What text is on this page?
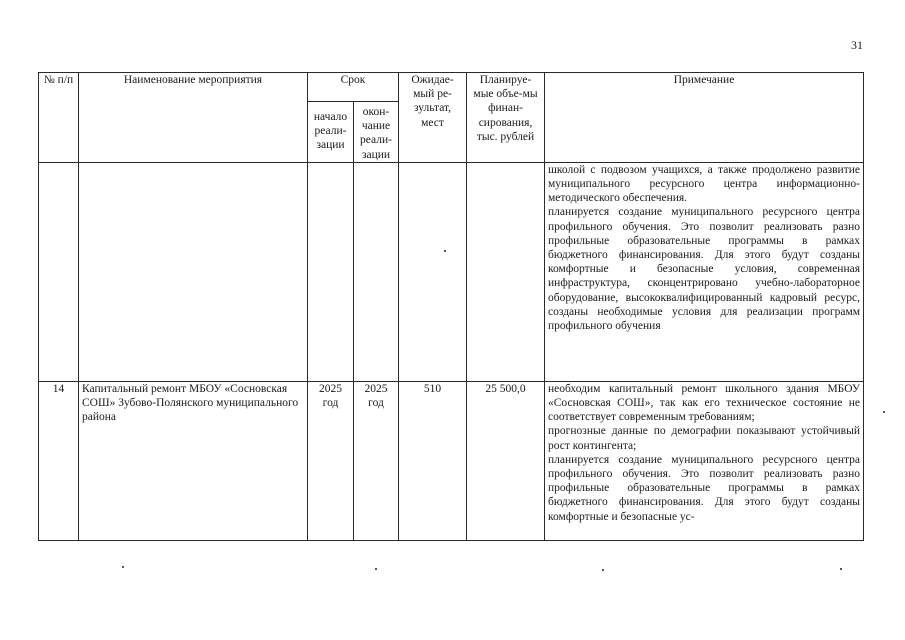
31
№ п/п	Наименование мероприятия	Срок		Ожидае-мый ре-зультат, мест	Планируе-мые объе-мы финан-сирования, тыс. рублей	Примечание
		начало реали-зации	окон-чание реали-зации			

						школой с подвозом учащихся, а также продолжено развитие муниципального ресурсного центра информационно-методического обеспечения.
планируется создание муниципального ресурсного центра профильного обучения. Это позволит реализовать разно профильные образовательные программы в рамках бюджетного финансирования. Для этого будут созданы комфортные и безопасные условия, современная инфраструктура, сконцентрировано учебно-лабораторное оборудование, высококвалифицированный кадровый ресурс, созданы необходимые условия для реализации программ профильного обучения

14	Капитальный ремонт МБОУ «Сосновская СОШ» Зубово-Полянского муниципального района	2025 год	2025 год	510	25 500,0	необходим капитальный ремонт школьного здания МБОУ «Сосновская СОШ», так как его техническое состояние не соответствует современным требованиям;
прогнозные данные по демографии показывают устойчивый рост контингента;
планируется создание муниципального ресурсного центра профильного обучения. Это позволит реализовать разно профильные образовательные программы в рамках бюджетного финансирования. Для этого будут созданы комфортные и безопасные ус-
